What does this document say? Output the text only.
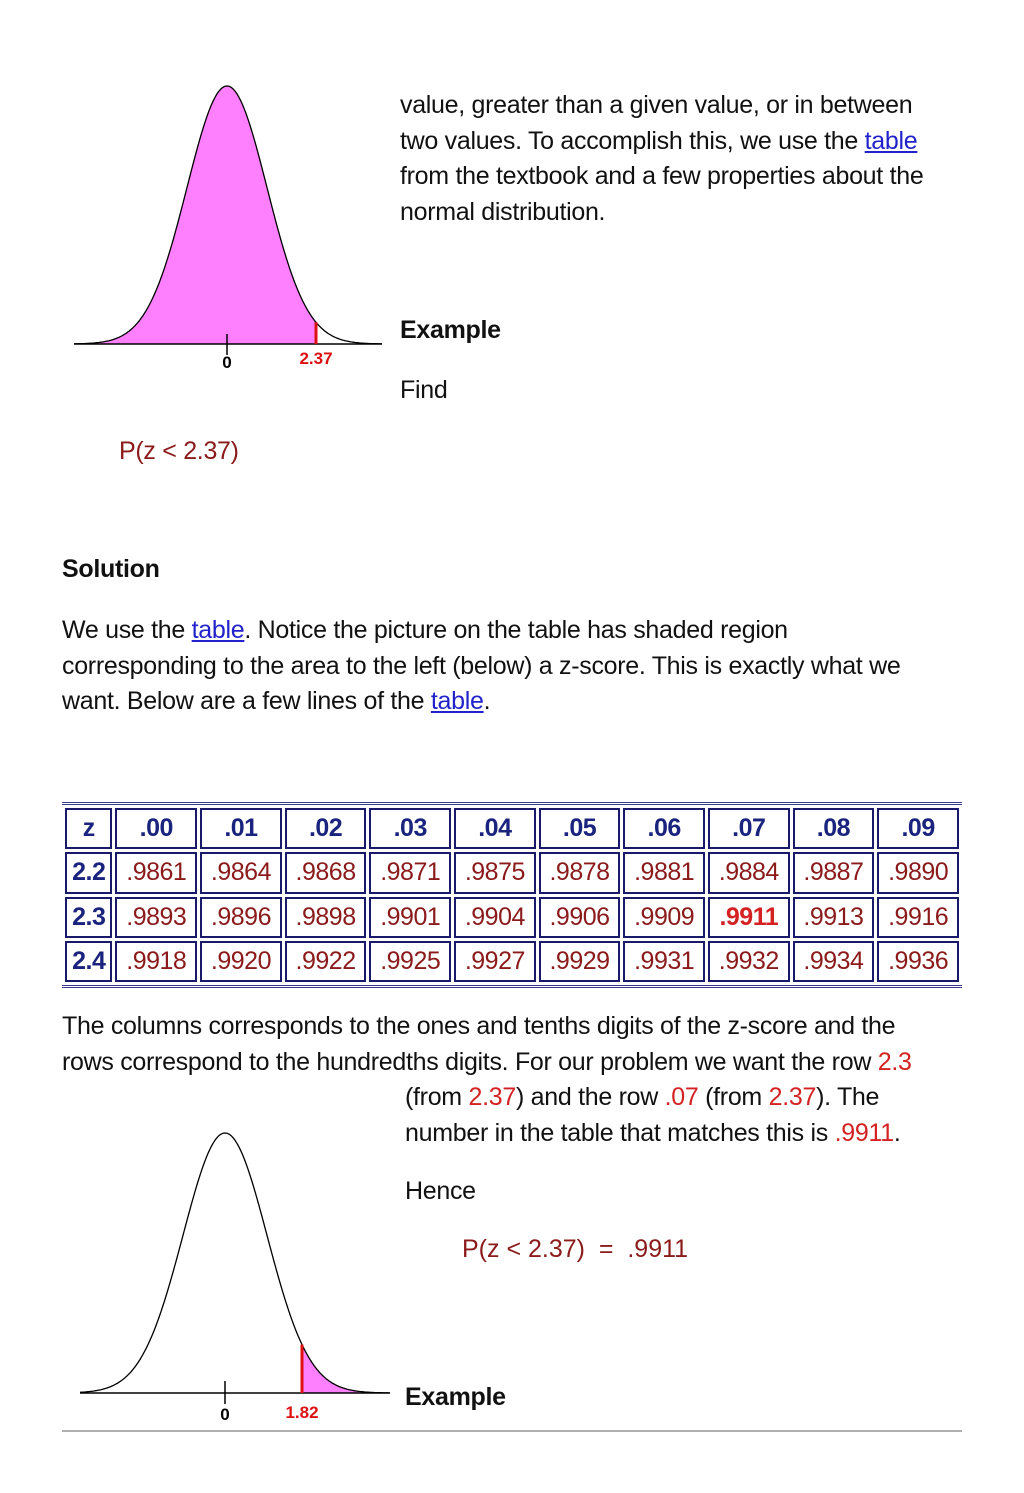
0	2.37
value, greater than a given value, or in between
two values. To accomplish this, we use the table
from the textbook and a few properties about the
normal distribution.
Example
Find
P(z < 2.37)
Solution
We use the table. Notice the picture on the table has shaded region
corresponding to the area to the left (below) a z-score. This is exactly what we
want. Below are a few lines of the table.
z	.00	.01	.02	.03	.04	.05	.06	.07	.08	.09
2.2	.9861	.9864	.9868	.9871	.9875	.9878	.9881	.9884	.9887	.9890
2.3	.9893	.9896	.9898	.9901	.9904	.9906	.9909	.9911	.9913	.9916
2.4	.9918	.9920	.9922	.9925	.9927	.9929	.9931	.9932	.9934	.9936
The columns corresponds to the ones and tenths digits of the z-score and the
rows correspond to the hundredths digits. For our problem we want the row 2.3
(from 2.37) and the row .07 (from 2.37). The
number in the table that matches this is .9911.
Hence
P(z < 2.37)  =  .9911
0	1.82
Example
